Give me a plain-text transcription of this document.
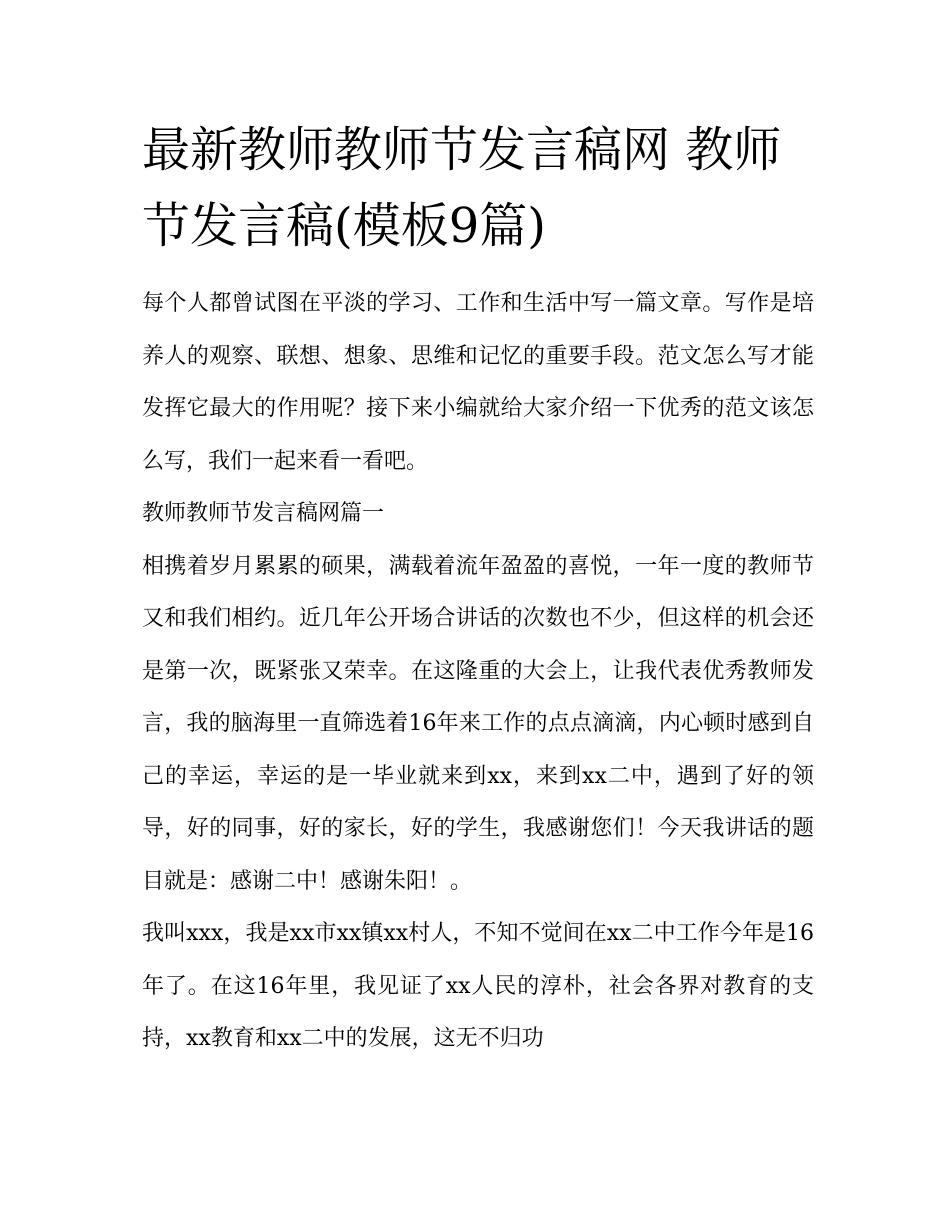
最新教师教师节发言稿网 教师节发言稿(模板9篇)

每个人都曾试图在平淡的学习、工作和生活中写一篇文章。写作是培养人的观察、联想、想象、思维和记忆的重要手段。范文怎么写才能发挥它最大的作用呢？接下来小编就给大家介绍一下优秀的范文该怎么写，我们一起来看一看吧。

教师教师节发言稿网篇一

相携着岁月累累的硕果，满载着流年盈盈的喜悦，一年一度的教师节又和我们相约。近几年公开场合讲话的次数也不少，但这样的机会还是第一次，既紧张又荣幸。在这隆重的大会上，让我代表优秀教师发言，我的脑海里一直筛选着16年来工作的点点滴滴，内心顿时感到自己的幸运，幸运的是一毕业就来到xx，来到xx二中，遇到了好的领导，好的同事，好的家长，好的学生，我感谢您们！今天我讲话的题目就是：感谢二中！感谢朱阳！。

我叫xxx，我是xx市xx镇xx村人，不知不觉间在xx二中工作今年是16年了。在这16年里，我见证了xx人民的淳朴，社会各界对教育的支持，xx教育和xx二中的发展，这无不归功
